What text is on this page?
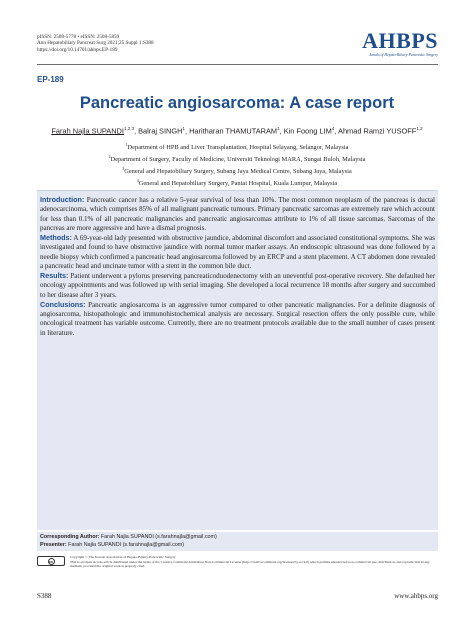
pISSN: 2508-5778 • eISSN: 2508-5859
Ann Hepatobiliary Pancreat Surg 2021;25 Suppl 1:S388
https://doi.org/10.14701/ahbps.EP-189	AHBPS
Annals of Hepato-Biliary-Pancreatic Surgery
EP-189
Pancreatic angiosarcoma: A case report
Farah Najla SUPANDI$^{1,2,3}$, Balraj SINGH$^1$, Haritharan THAMUTARAM$^1$, Kin Foong LIM$^4$, Ahmad Ramzi YUSOFF$^{1,2}$
$^1$Department of HPB and Liver Transplantation, Hospital Selayang, Selangor, Malaysia
$^2$Department of Surgery, Faculty of Medicine, Universiti Teknologi MARA, Sungai Buloh, Malaysia
$^3$General and Hepatobiliary Surgery, Subang Jaya Medical Centre, Subang Jaya, Malaysia
$^4$General and Hepatobiliary Surgery, Pantai Hospital, Kuala Lumpur, Malaysia

Introduction: Pancreatic cancer has a relative 5-year survival of less than 10%. The most common neoplasm of the pancreas is ductal adenocarcinoma, which comprises 85% of all malignant pancreatic tumours. Primary pancreatic sarcomas are extremely rare which account for less than 0.1% of all pancreatic malignancies and pancreatic angiosarcomas attribute to 1% of all tissue sarcomas. Sarcomas of the pancreas are more aggressive and have a dismal prognosis.

Methods: A 69-year-old lady presented with obstructive jaundice, abdominal discomfort and associated constitutional symptoms. She was investigated and found to have obstructive jaundice with normal tumor marker assays. An endoscopic ultrasound was done followed by a needle biopsy which confirmed a pancreatic head angiosarcoma followed by an ERCP and a stent placement. A CT abdomen done revealed a pancreatic head and uncinate tumor with a stent in the common bile duct.

Results: Patient underwent a pylorus preserving pancreaticoduodenectomy with an uneventful post-operative recovery. She defaulted her oncology appointments and was followed up with serial imaging. She developed a local recurrence 18 months after surgery and succumbed to her disease after 3 years.

Conclusions: Pancreatic angiosarcoma is an aggressive tumor compared to other pancreatic malignancies. For a definite diagnosis of angiosarcoma, histopathologic and immunohistochemical analysis are necessary. Surgical resection offers the only possible cure, while oncological treatment has variable outcome. Currently, there are no treatment protocols available due to the small number of cases present in literature.

Corresponding Author: Farah Najla SUPANDI (s.farahnajla@gmail.com)
Presenter: Farah Najla SUPANDI (s.farahnajla@gmail.com)
cc
Copyright © The Korean Association of Hepato-Biliary-Pancreatic Surgery
This is an Open Access article distributed under the terms of the Creative Commons Attribution Non-Commercial License (http://creativecommons.org/licenses/by-nc/4.0) which permits unrestricted non-commercial use, distribution, and reproduction in any medium, provided the original work is properly cited.
S388	www.ahbps.org
